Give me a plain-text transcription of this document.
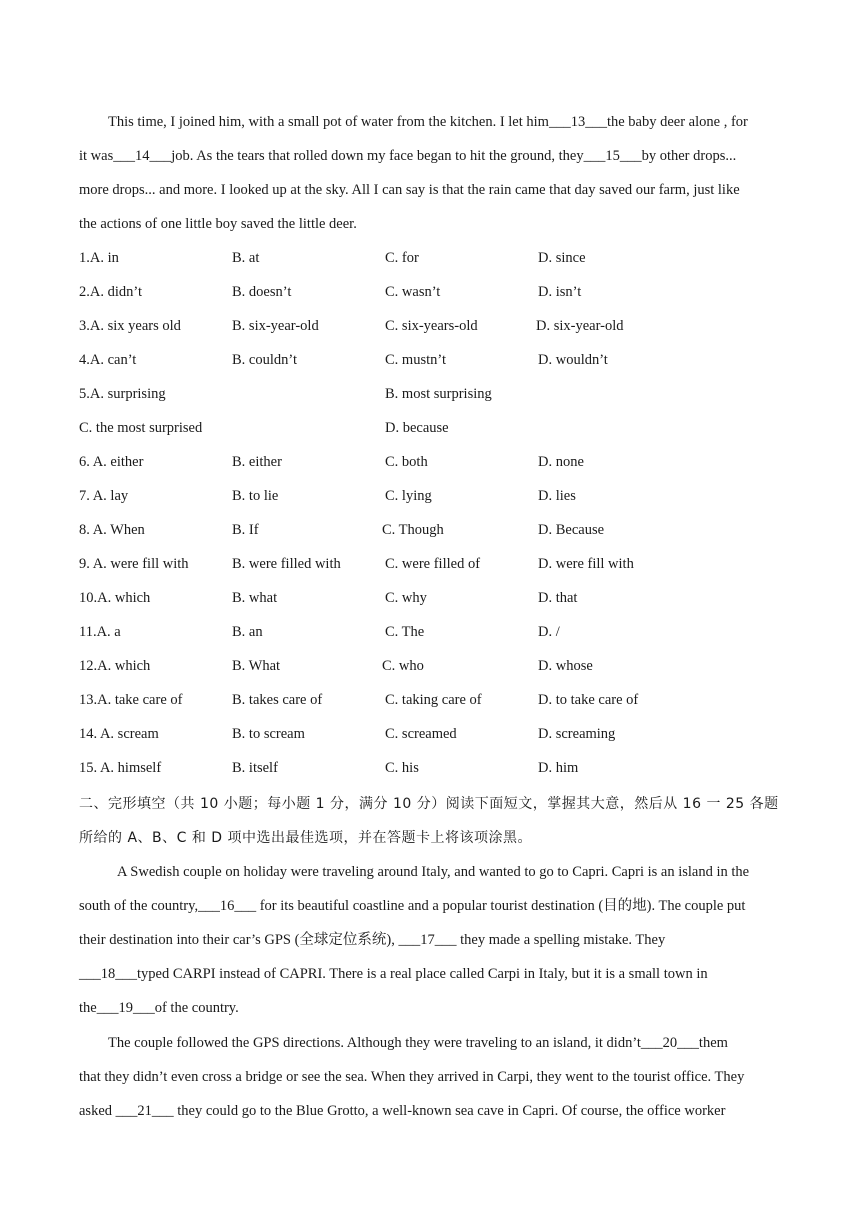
This time, I joined him, with a small pot of water from the kitchen. I let him___13___the baby deer alone , for
it was___14___job. As the tears that rolled down my face began to hit the ground, they___15___by other drops...
more drops... and more. I looked up at the sky. All I can say is that the rain came that day saved our farm, just like
the actions of one little boy saved the little deer.
1.A. in	B. at	C. for	D. since
2.A. didn’t	B. doesn’t	C. wasn’t	D. isn’t
3.A. six years old	B. six-year-old	C. six-years-old	D. six-year-old
4.A. can’t	B. couldn’t	C. mustn’t	D. wouldn’t
5.A. surprising	B. most surprising
C. the most surprised	D. because
6. A. either	B. either	C. both	D. none
7. A. lay	B. to lie	C. lying	D. lies
8. A. When	B. If	C. Though	D. Because
9. A. were fill with	B. were filled with	C. were filled of	D. were fill with
10.A. which	B. what	C. why	D. that
11.A. a	B. an	C. The	D. /
12.A. which	B. What	C. who	D. whose
13.A. take care of	B. takes care of	C. taking care of	D. to take care of
14. A. scream	B. to scream	C. screamed	D. screaming
15. A. himself	B. itself	C. his	D. him
二、完形填空（共 10 小题；每小题 1 分，满分 10 分）阅读下面短文，掌握其大意，然后从 16 一 25 各题
所给的 A、B、C 和 D 项中选出最佳选项，并在答题卡上将该项涂黑。
A Swedish couple on holiday were traveling around Italy, and wanted to go to Capri. Capri is an island in the
south of the country,___16___ for its beautiful coastline and a popular tourist destination (目的地). The couple put
their destination into their car’s GPS (全球定位系统), ___17___ they made a spelling mistake. They
___18___typed CARPI instead of CAPRI. There is a real place called Carpi in Italy, but it is a small town in
the___19___of the country.
The couple followed the GPS directions. Although they were traveling to an island, it didn’t___20___them
that they didn’t even cross a bridge or see the sea. When they arrived in Carpi, they went to the tourist office. They
asked ___21___ they could go to the Blue Grotto, a well-known sea cave in Capri. Of course, the office worker
